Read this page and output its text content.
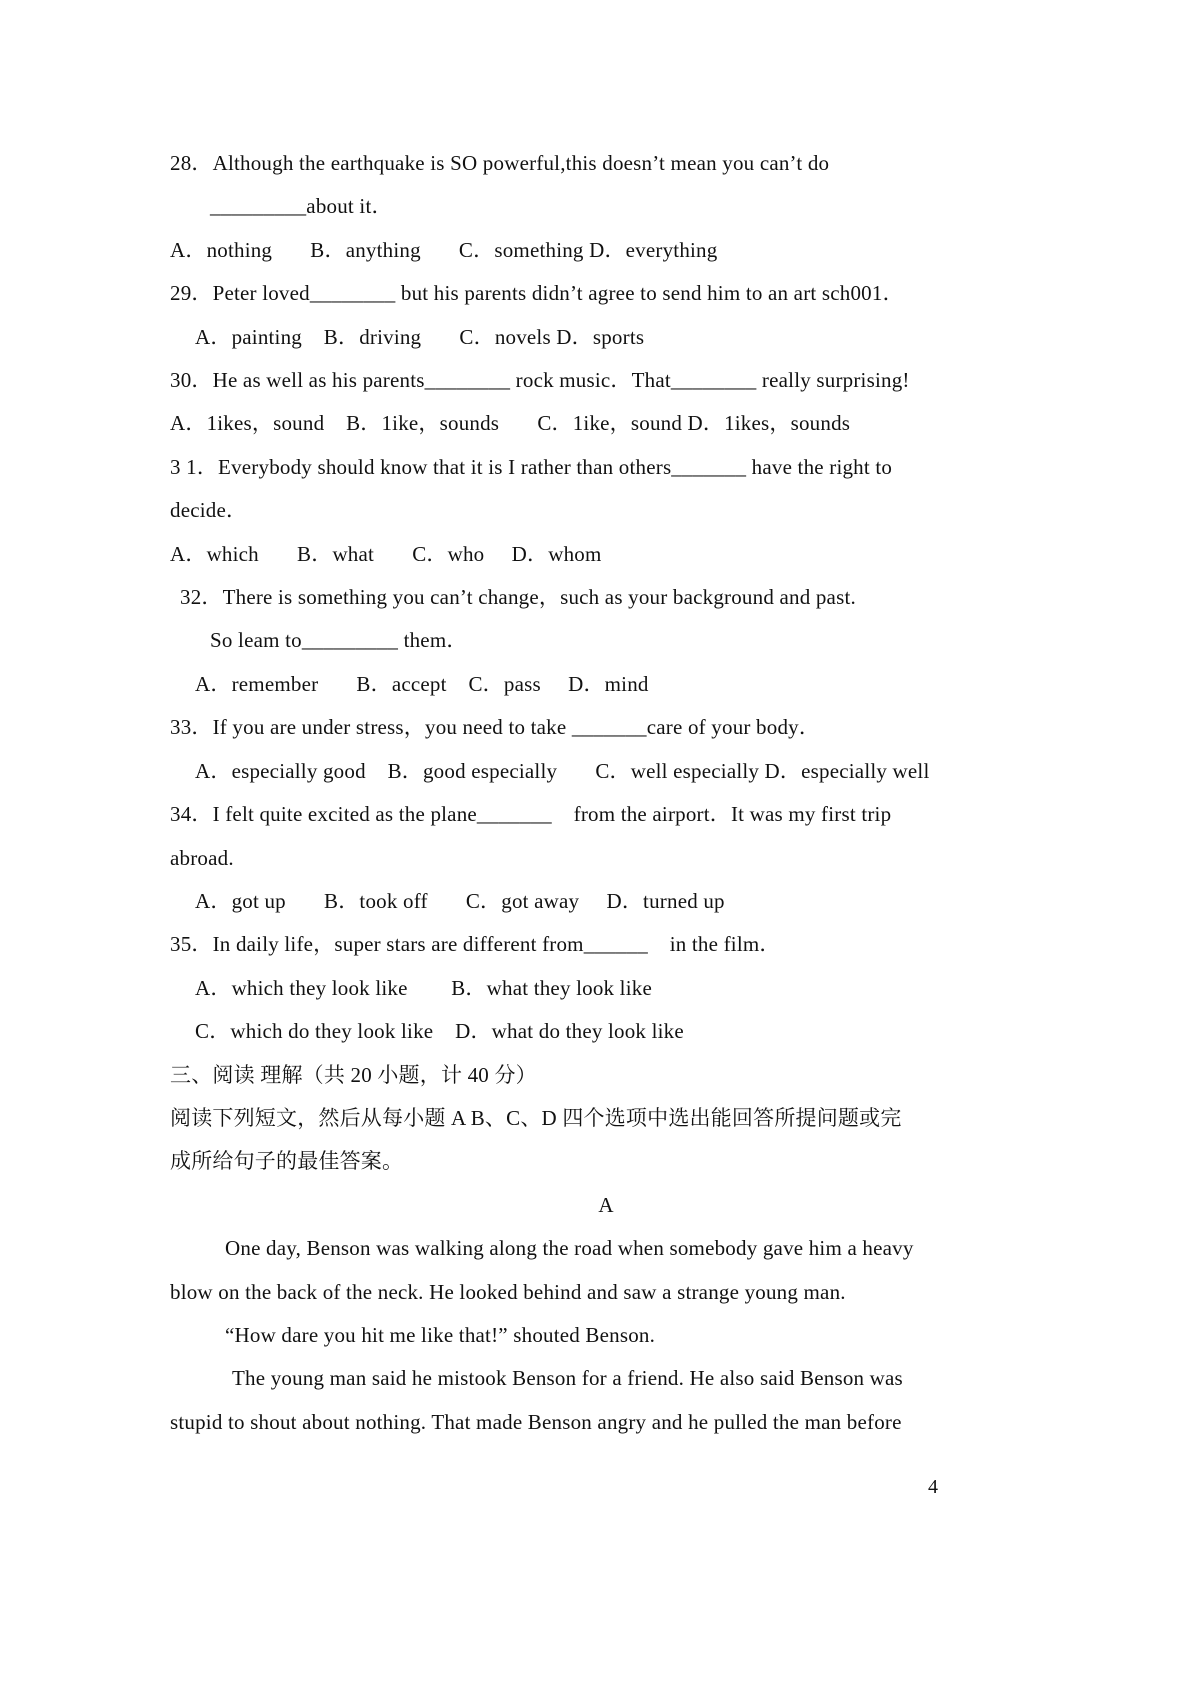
28．Although the earthquake is SO powerful,this doesn’t mean you can’t do
_________about it．
A．nothing       B．anything       C．something D．everything
29．Peter loved________ but his parents didn’t agree to send him to an art sch001．
A．painting    B．driving       C．novels D．sports
30．He as well as his parents________ rock music．That________ really surprising!
A．1ikes，sound    B．1ike，sounds       C．1ike，sound D．1ikes，sounds
3 1．Everybody should know that it is I rather than others_______ have the right to
decide．
A．which       B．what       C．who     D．whom
32．There is something you can’t change，such as your background and past.
So leam to_________ them．
A．remember       B．accept    C．pass     D．mind
33．If you are under stress，you need to take _______care of your body．
A．especially good    B．good especially       C．well especially D．especially well
34．I felt quite excited as the plane_______    from the airport．It was my first trip
abroad.
A．got up       B．took off       C．got away     D．turned up
35．In daily life，super stars are different from______    in the film．
A．which they look like        B．what they look like
C．which do they look like    D．what do they look like
三、阅读 理解（共 20 小题，计 40 分）
阅读下列短文，然后从每小题 A B、C、D 四个选项中选出能回答所提问题或完
成所给句子的最佳答案。
A
One day, Benson was walking along the road when somebody gave him a heavy
blow on the back of the neck. He looked behind and saw a strange young man.
“How dare you hit me like that!” shouted Benson.
The young man said he mistook Benson for a friend. He also said Benson was
stupid to shout about nothing. That made Benson angry and he pulled the man before
4
